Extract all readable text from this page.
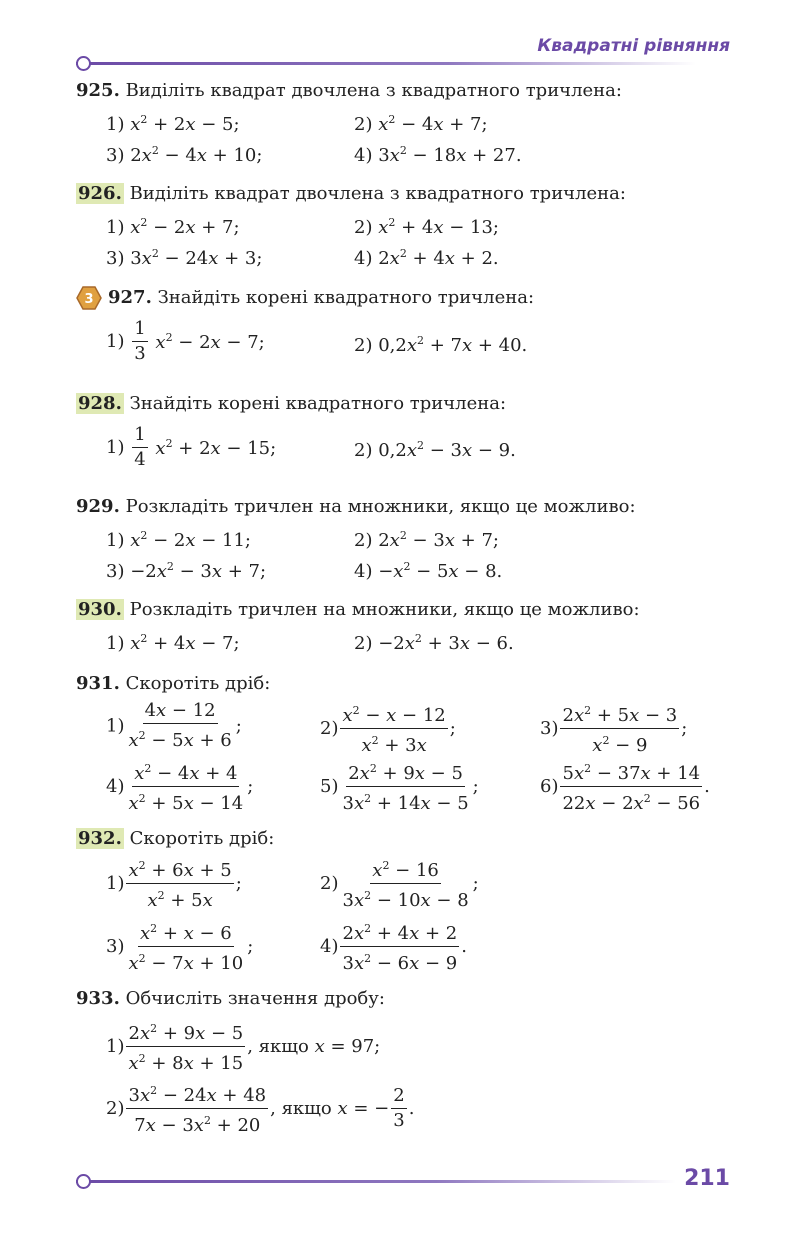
Квадратні рівняння
925. Виділіть квадрат двочлена з квадратного тричлена:
1) $x^2 + 2x - 5$;	2) $x^2 - 4x + 7$;
3) $2x^2 - 4x + 10$;	4) $3x^2 - 18x + 27$.
926. Виділіть квадрат двочлена з квадратного тричлена:
1) $x^2 - 2x + 7$;	2) $x^2 + 4x - 13$;
3) $3x^2 - 24x + 3$;	4) $2x^2 + 4x + 2$.
3 927. Знайдіть корені квадратного тричлена:
$1) \frac{1}{3} x^2 - 2x - 7$;	2) $0,2x^2 + 7x + 40$.
928. Знайдіть корені квадратного тричлена:
$1) \frac{1}{4} x^2 + 2x - 15$;	2) $0,2x^2 - 3x - 9$.
929. Розкладіть тричлен на множники, якщо це можливо:
1) $x^2 - 2x - 11$;	2) $2x^2 - 3x + 7$;
$3) -2x^2 - 3x + 7$;	$4) -x^2 - 5x - 8$.
930. Розкладіть тричлен на множники, якщо це можливо:
1) $x^2 + 4x - 7$;	$2) -2x^2 + 3x - 6$.
931. Скоротіть дріб:
$1) \frac{4x - 12}{x^2 - 5x + 6}$ ;	$2) \frac{x^2 - x - 12}{x^2 + 3x}$ ;	$3) \frac{2x^2 + 5x - 3}{x^2 - 9}$ ;
$4) \frac{x^2 - 4x + 4}{x^2 + 5x - 14}$ ;	$5) \frac{2x^2 + 9x - 5}{3x^2 + 14x - 5}$ ;	$6) \frac{5x^2 - 37x + 14}{22x - 2x^2 - 56}$ .
932. Скоротіть дріб:
$1) \frac{x^2 + 6x + 5}{x^2 + 5x}$ ;	$2) \frac{x^2 - 16}{3x^2 - 10x - 8}$ ;
$3) \frac{x^2 + x - 6}{x^2 - 7x + 10}$ ;	$4) \frac{2x^2 + 4x + 2}{3x^2 - 6x - 9}$ .
933. Обчисліть значення дробу:
$1) \frac{2x^2 + 9x - 5}{x^2 + 8x + 15}$ , якщо x = 97;
$2) \frac{3x^2 - 24x + 48}{7x - 3x^2 + 20}$ , якщо x = − $\frac{2}{3}$ .
211
